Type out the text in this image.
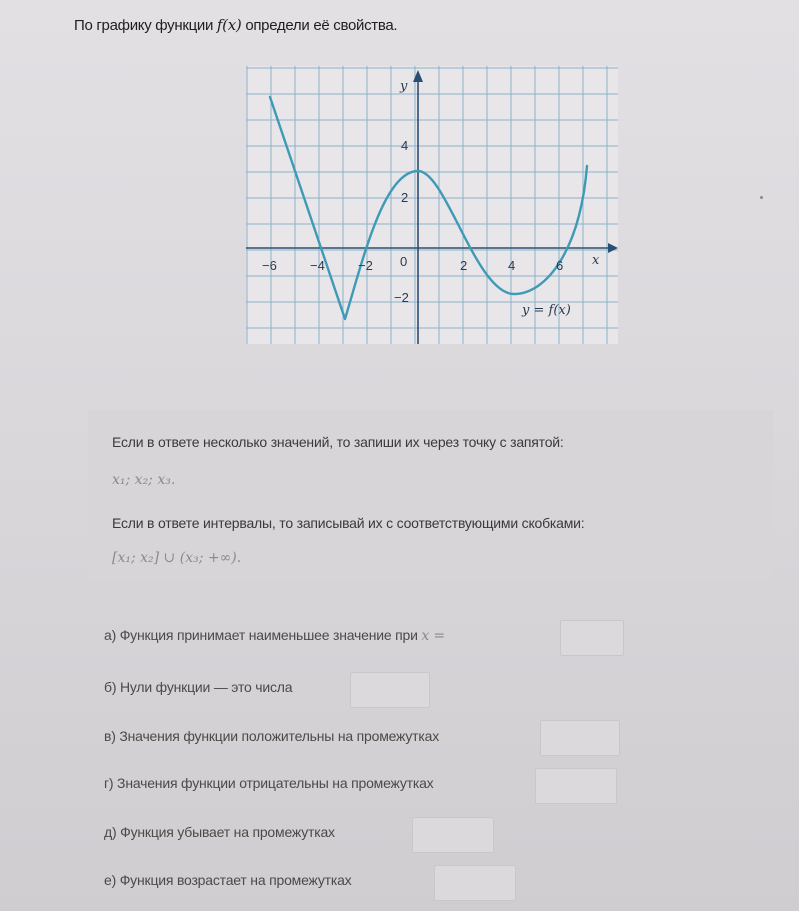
По графику функции f(x) определи её свойства.
y
x
−6	−4	−2 0	2	4	6
4
2
−2
y = f(x)
Если в ответе несколько значений, то запиши их через точку с запятой:
x₁; x₂; x₃.
Если в ответе интервалы, то записывай их с соответствующими скобками:
[x₁; x₂] ∪ (x₃; +∞).
а) Функция принимает наименьшее значение при x =
б) Нули функции — это числа
в) Значения функции положительны на промежутках
г) Значения функции отрицательны на промежутках
д) Функция убывает на промежутках
е) Функция возрастает на промежутках
